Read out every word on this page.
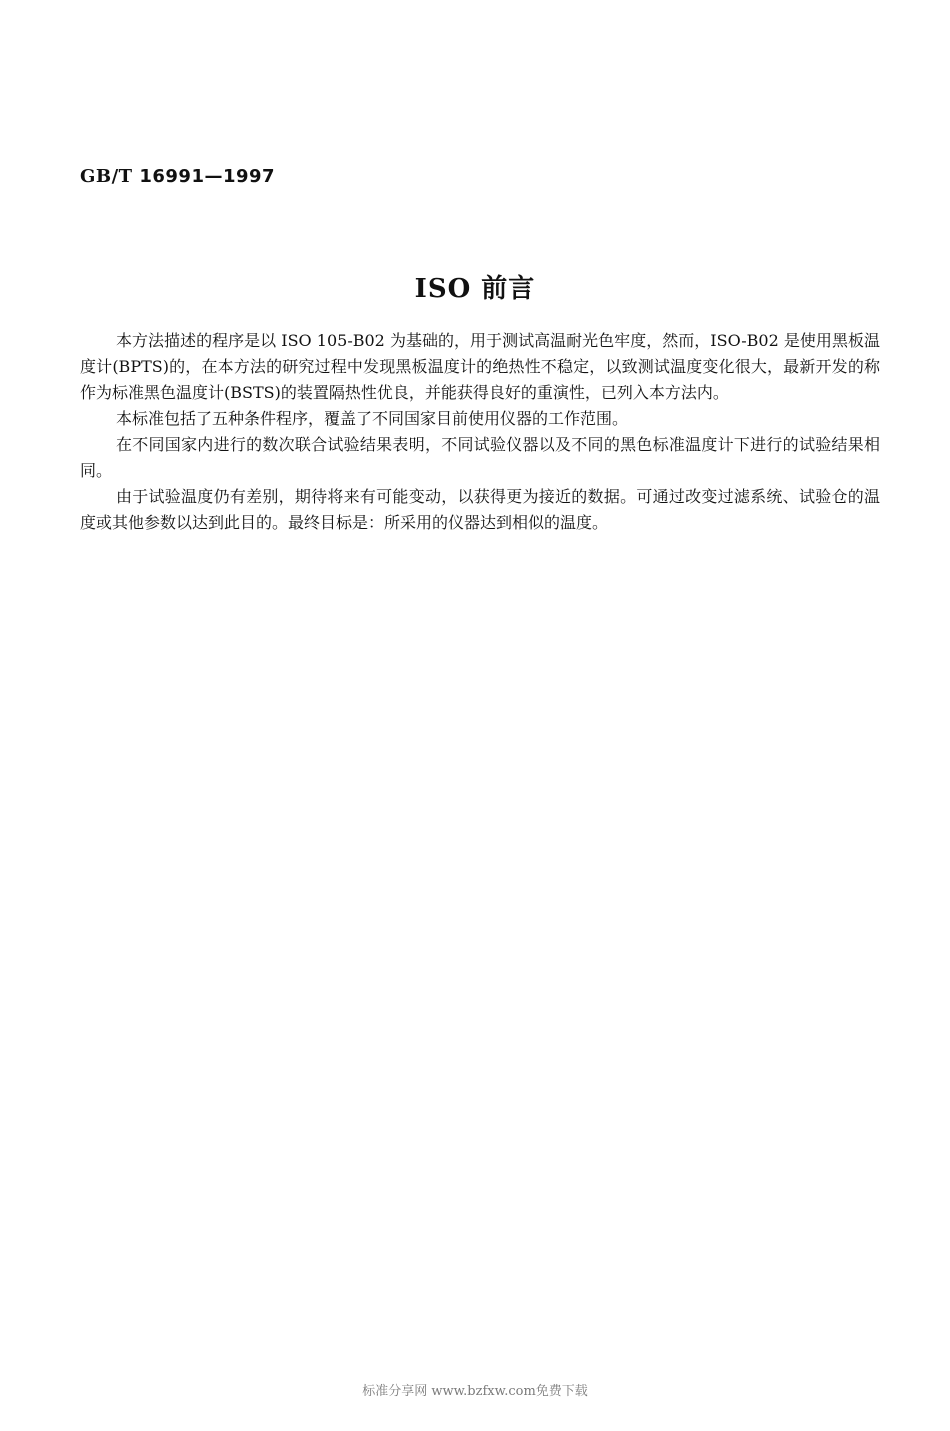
GB/T 16991—1997
ISO 前言

本方法描述的程序是以 ISO 105-B02 为基础的，用于测试高温耐光色牢度，然而，ISO-B02 是使用黑板温度计(BPTS)的，在本方法的研究过程中发现黑板温度计的绝热性不稳定，以致测试温度变化很大，最新开发的称作为标准黑色温度计(BSTS)的装置隔热性优良，并能获得良好的重演性，已列入本方法内。

本标准包括了五种条件程序，覆盖了不同国家目前使用仪器的工作范围。

在不同国家内进行的数次联合试验结果表明，不同试验仪器以及不同的黑色标准温度计下进行的试验结果相同。

由于试验温度仍有差别，期待将来有可能变动，以获得更为接近的数据。可通过改变过滤系统、试验仓的温度或其他参数以达到此目的。最终目标是：所采用的仪器达到相似的温度。

标准分享网 www.bzfxw.com免费下载
